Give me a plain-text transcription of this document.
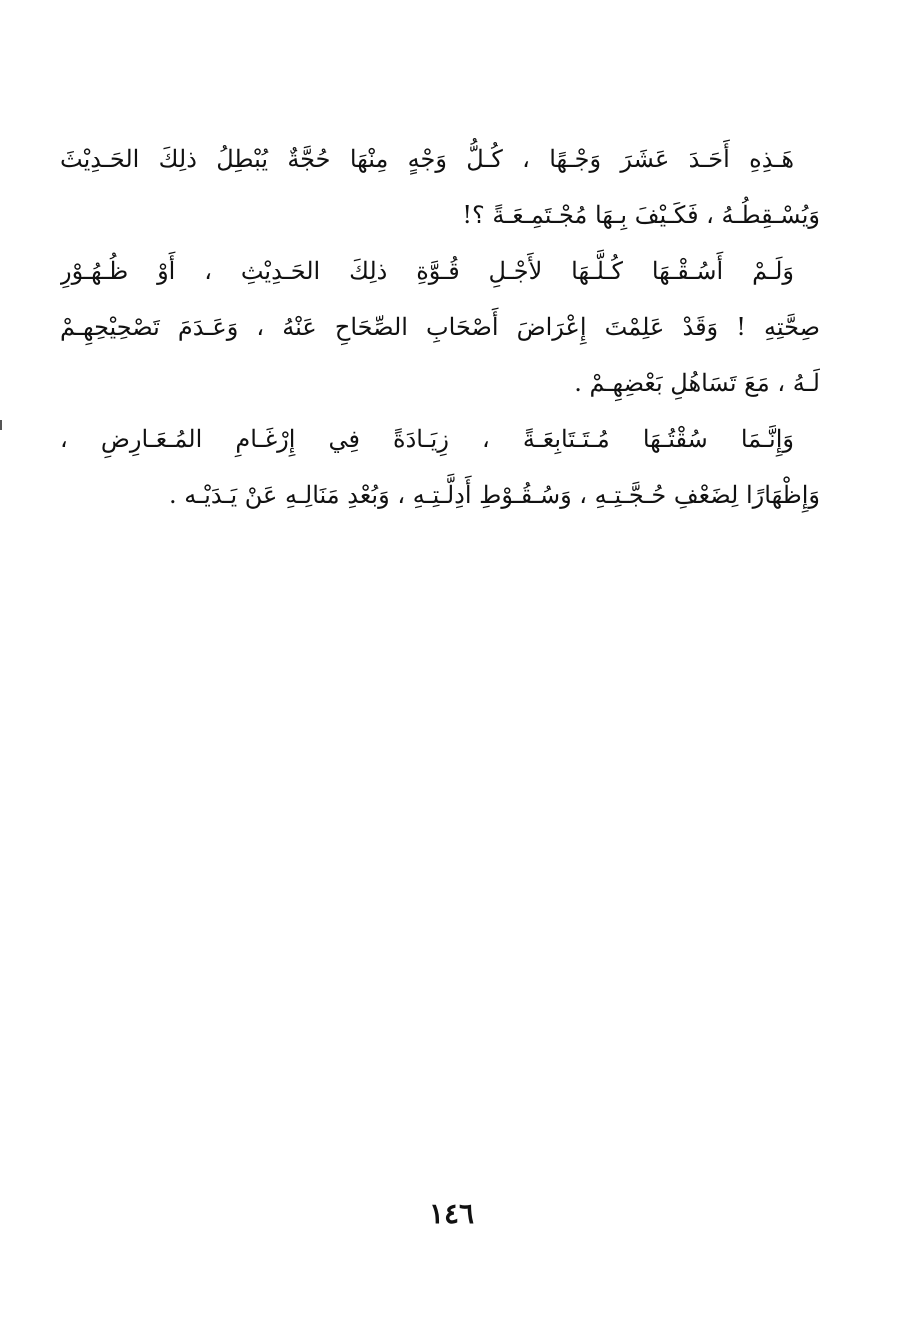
هَـذِهِ أَحَـدَ عَشَرَ وَجْـهًا ، كُـلُّ وَجْهٍ مِنْهَا حُجَّةٌ يُبْطِلُ ذلِكَ الحَـدِيْثَ
وَيُسْـقِطُـهُ ، فَكَـيْفَ بِـهَا مُجْـتَمِـعَـةً ؟!
وَلَـمْ أَسُـقْـهَا كُـلَّـهَا لأَجْـلِ قُـوَّةِ ذلِكَ الحَـدِيْثِ ، أَوْ ظُـهُـوْرِ
صِحَّتِهِ ! وَقَدْ عَلِمْتَ إِعْرَاضَ أَصْحَابِ الصِّحَاحِ عَنْهُ ، وَعَـدَمَ تَصْحِيْحِهِـمْ
لَـهُ ، مَعَ تَسَاهُلِ بَعْضِهِـمْ .
وَإِنَّـمَا سُقْتُـهَا مُـتَـتَابِعَـةً ، زِيَـادَةً فِي إِرْغَـامِ المُـعَـارِضِ ،
وَإِظْهَارًا لِضَعْفِ حُـجَّـتِـهِ ، وَسُـقُـوْطِ أَدِلَّـتِـهِ ، وَبُعْدِ مَنَالِـهِ عَنْ يَـدَيْـه .
١٤٦
